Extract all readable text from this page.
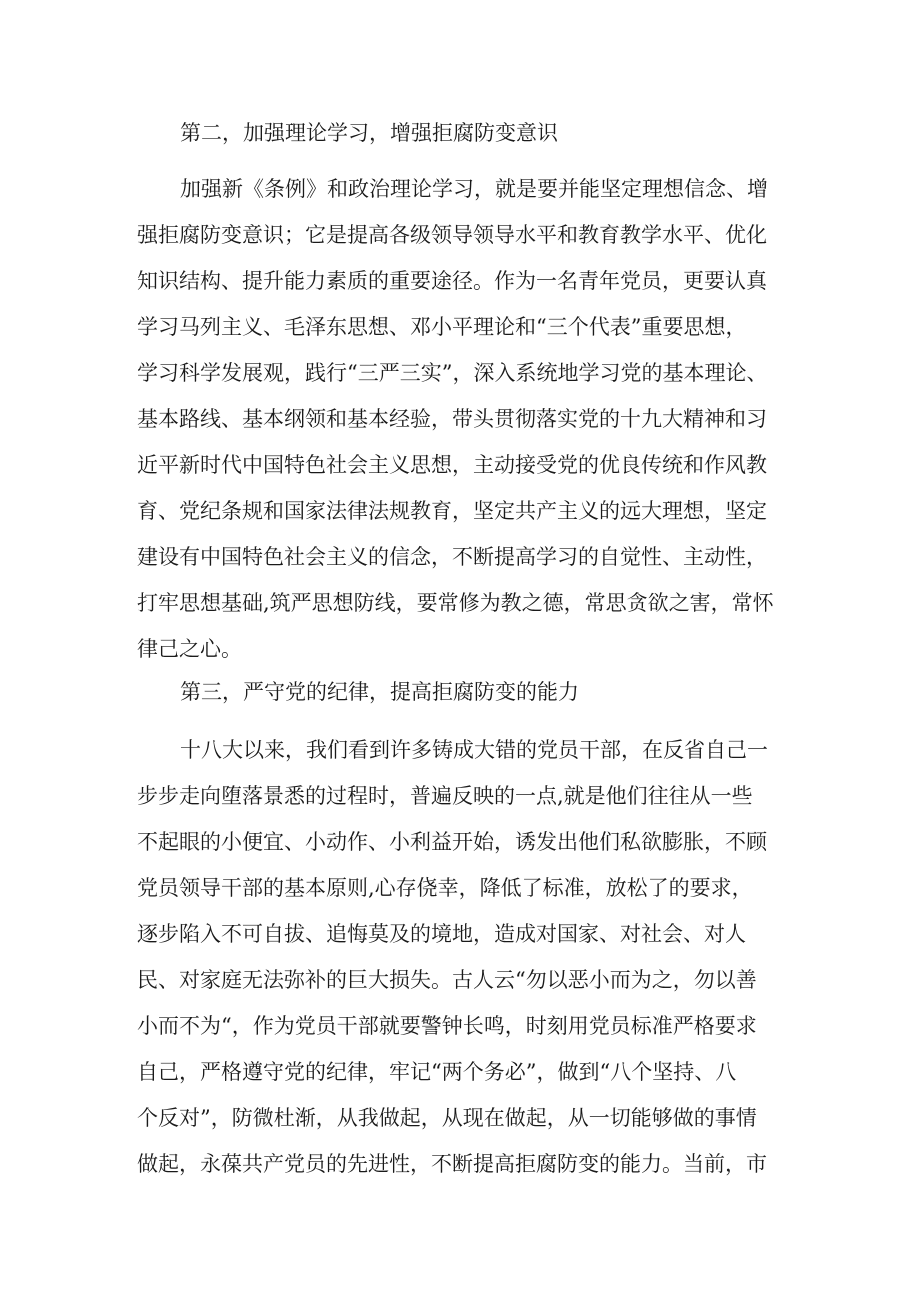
第二，加强理论学习，增强拒腐防变意识
加强新《条例》和政治理论学习，就是要并能坚定理想信念、增
强拒腐防变意识；它是提高各级领导领导水平和教育教学水平、优化
知识结构、提升能力素质的重要途径。作为一名青年党员，更要认真
学习马列主义、毛泽东思想、邓小平理论和“三个代表”重要思想，
学习科学发展观，践行“三严三实”，深入系统地学习党的基本理论、
基本路线、基本纲领和基本经验，带头贯彻落实党的十九大精神和习
近平新时代中国特色社会主义思想，主动接受党的优良传统和作风教
育、党纪条规和国家法律法规教育，坚定共产主义的远大理想，坚定
建设有中国特色社会主义的信念，不断提高学习的自觉性、主动性，
打牢思想基础,筑严思想防线，要常修为教之德，常思贪欲之害，常怀
律己之心。
第三，严守党的纪律，提高拒腐防变的能力
十八大以来，我们看到许多铸成大错的党员干部，在反省自己一
步步走向堕落景悉的过程时，普遍反映的一点,就是他们往往从一些
不起眼的小便宜、小动作、小利益开始，诱发出他们私欲膨胀，不顾
党员领导干部的基本原则,心存侥幸，降低了标准，放松了的要求，
逐步陷入不可自拔、追悔莫及的境地，造成对国家、对社会、对人
民、对家庭无法弥补的巨大损失。古人云“勿以恶小而为之，勿以善
小而不为“，作为党员干部就要警钟长鸣，时刻用党员标准严格要求
自己，严格遵守党的纪律，牢记“两个务必”，做到“八个坚持、八
个反对”，防微杜渐，从我做起，从现在做起，从一切能够做的事情
做起，永葆共产党员的先进性，不断提高拒腐防变的能力。当前，市
